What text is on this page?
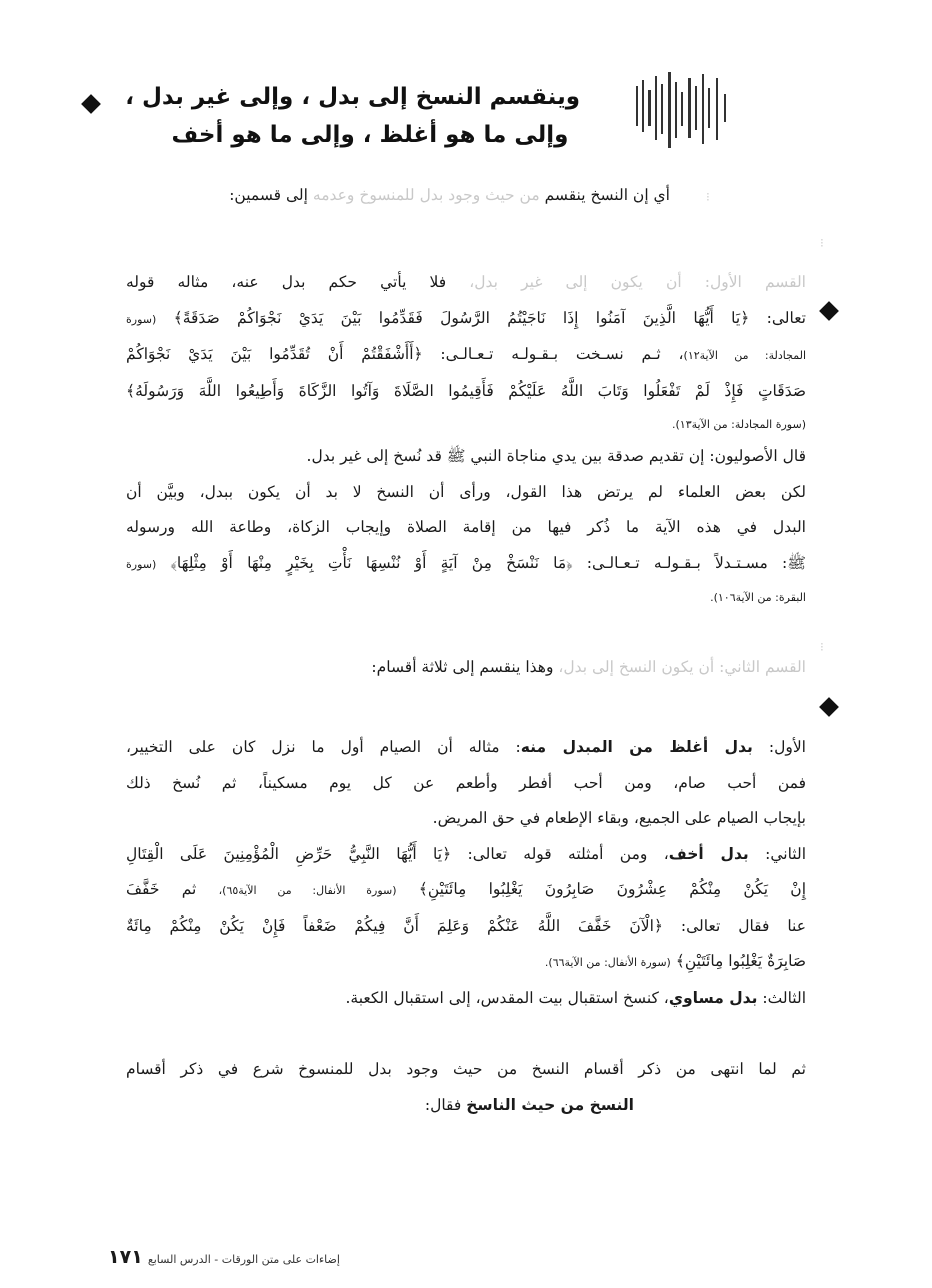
وينقسم النسخ إلى بدل ، وإلى غير بدل ،
وإلى ما هو أغلظ ، وإلى ما هو أخف
⁝
⁝
⁝
أي إن النسخ ينقسم من حيث وجود بدل للمنسوخ وعدمه إلى قسمين:
القسم الأول: أن يكون إلى غير بدل، فلا يأتي حكم بدل عنه، مثاله قوله
تعالى: ﴿يَا أَيُّهَا الَّذِينَ آمَنُوا إِذَا نَاجَيْتُمُ الرَّسُولَ فَقَدِّمُوا بَيْنَ يَدَيْ نَجْوَاكُمْ صَدَقَةً﴾ (سورة
المجادلة: من الآية١٢)، ثـم نسـخت بـقـولـه تـعـالـى: ﴿أَأَشْفَقْتُمْ أَنْ تُقَدِّمُوا بَيْنَ يَدَيْ نَجْوَاكُمْ
صَدَقَاتٍ فَإِذْ لَمْ تَفْعَلُوا وَتَابَ اللَّهُ عَلَيْكُمْ فَأَقِيمُوا الصَّلَاةَ وَآتُوا الزَّكَاةَ وَأَطِيعُوا اللَّهَ وَرَسُولَهُ﴾
(سورة المجادلة: من الآية١٣).
قال الأصوليون: إن تقديم صدقة بين يدي مناجاة النبي ﷺ قد نُسخ إلى غير بدل.
لكن بعض العلماء لم يرتض هذا القول، ورأى أن النسخ لا بد أن يكون ببدل، وبيَّن أن
البدل في هذه الآية ما ذُكر فيها من إقامة الصلاة وإيجاب الزكاة، وطاعة الله ورسوله
ﷺ: مسـتـدلاً بـقـولـه تـعـالـى: ﴿مَا نَنْسَخْ مِنْ آيَةٍ أَوْ نُنْسِهَا نَأْتِ بِخَيْرٍ مِنْهَا أَوْ مِثْلِهَا﴾ (سورة
البقرة: من الآية١٠٦).
القسم الثاني: أن يكون النسخ إلى بدل، وهذا ينقسم إلى ثلاثة أقسام:
الأول: بدل أغلظ من المبدل منه: مثاله أن الصيام أول ما نزل كان على التخيير،
فمن أحب صام، ومن أحب أفطر وأطعم عن كل يوم مسكيناً، ثم نُسخ ذلك
بإيجاب الصيام على الجميع، وبقاء الإطعام في حق المريض.
الثاني: بدل أخف، ومن أمثلته قوله تعالى: ﴿يَا أَيُّهَا النَّبِيُّ حَرِّضِ الْمُؤْمِنِينَ عَلَى الْقِتَالِ
إِنْ يَكُنْ مِنْكُمْ عِشْرُونَ صَابِرُونَ يَغْلِبُوا مِائَتَيْنِ﴾ (سورة الأنفال: من الآية٦٥)، ثم خَفَّفَ
عنا فقال تعالى: ﴿الْآنَ خَفَّفَ اللَّهُ عَنْكُمْ وَعَلِمَ أَنَّ فِيكُمْ ضَعْفاً فَإِنْ يَكُنْ مِنْكُمْ مِائَةٌ
صَابِرَةٌ يَغْلِبُوا مِائَتَيْنِ﴾ (سورة الأنفال: من الآية٦٦).
الثالث: بدل مساوي، كنسخ استقبال بيت المقدس، إلى استقبال الكعبة.
ثم لما انتهى من ذكر أقسام النسخ من حيث وجود بدل للمنسوخ شرع في ذكر أقسام
النسخ من حيث الناسخ فقال:
إضاءات على متن الورقات - الدرس السابع ١٧١
